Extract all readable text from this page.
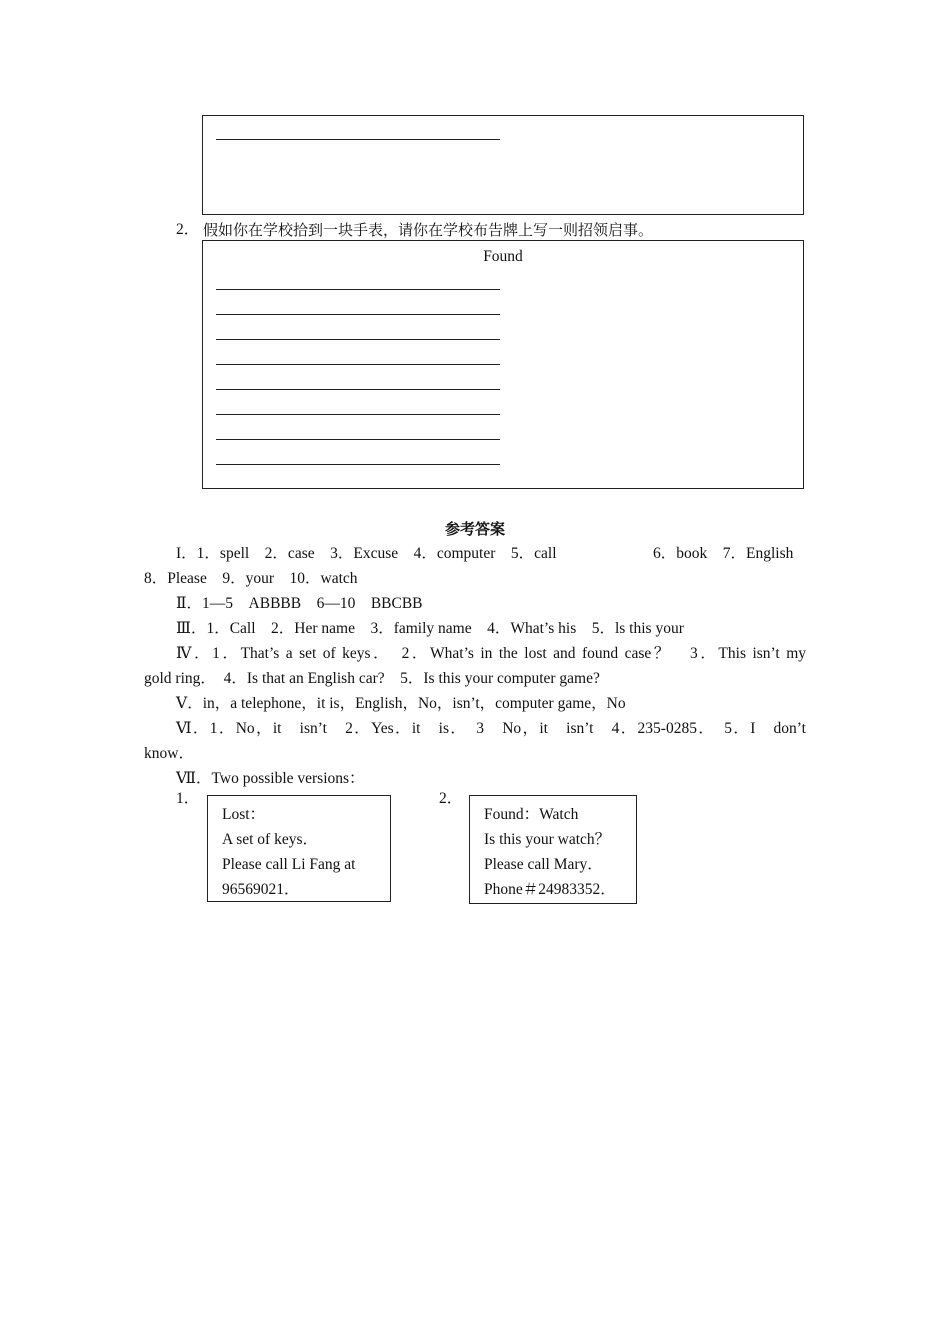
2． 假如你在学校拾到一块手表，请你在学校布告牌上写一则招领启事。
Found
参考答案
I．1．spell　2．case　3．Excuse　4．computer　5．call	6．book　7．English
8．Please　9．your　10．watch
Ⅱ．1—5　ABBBB　6—10　BBCBB
Ⅲ．1．Call　2．Her name　3．family name　4．What’s his　5．ls this your
Ⅳ．1．That’s a set of keys．　2．What’s in the lost and found case？　3．This isn’t my
gold ring．　4．Is that an English car?　5．Is this your computer game?
Ⅴ．in，a telephone，it is，English，No，isn’t，computer game，No
Ⅵ．1．No，it　isn’t　2．Yes．it　is．　3　No，it　isn’t　4．235-0285．　5．I　don’t
know．
Ⅶ．Two possible versions：
1．
Lost：
A set of keys．
Please call Li Fang at
96569021．
2．
Found：Watch
Is this your watch？
Please call Mary．
Phone＃24983352．
